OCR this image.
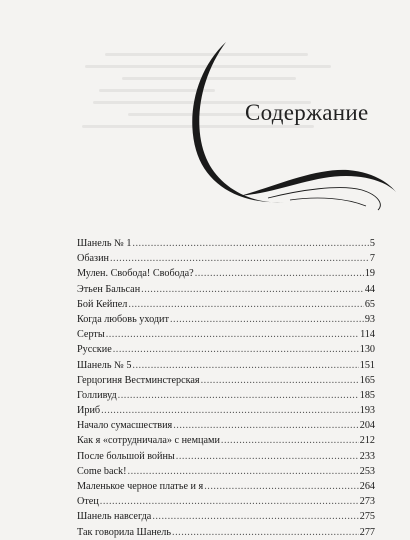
Содержание
Шанель № 1 .....	5
Обазин .....	7
Мулен. Свобода! Свобода? .....	19
Этьен Бальсан .....	44
Бой Кейпел .....	65
Когда любовь уходит .....	93
Серты .....	114
Русские .....	130
Шанель № 5 .....	151
Герцогиня Вестминстерская .....	165
Голливуд .....	185
Ириб .....	193
Начало сумасшествия .....	204
Как я «сотрудничала» с немцами .....	212
После большой войны .....	233
Come back! .....	253
Маленькое черное платье и я .....	264
Отец .....	273
Шанель навсегда .....	275
Так говорила Шанель .....	277
